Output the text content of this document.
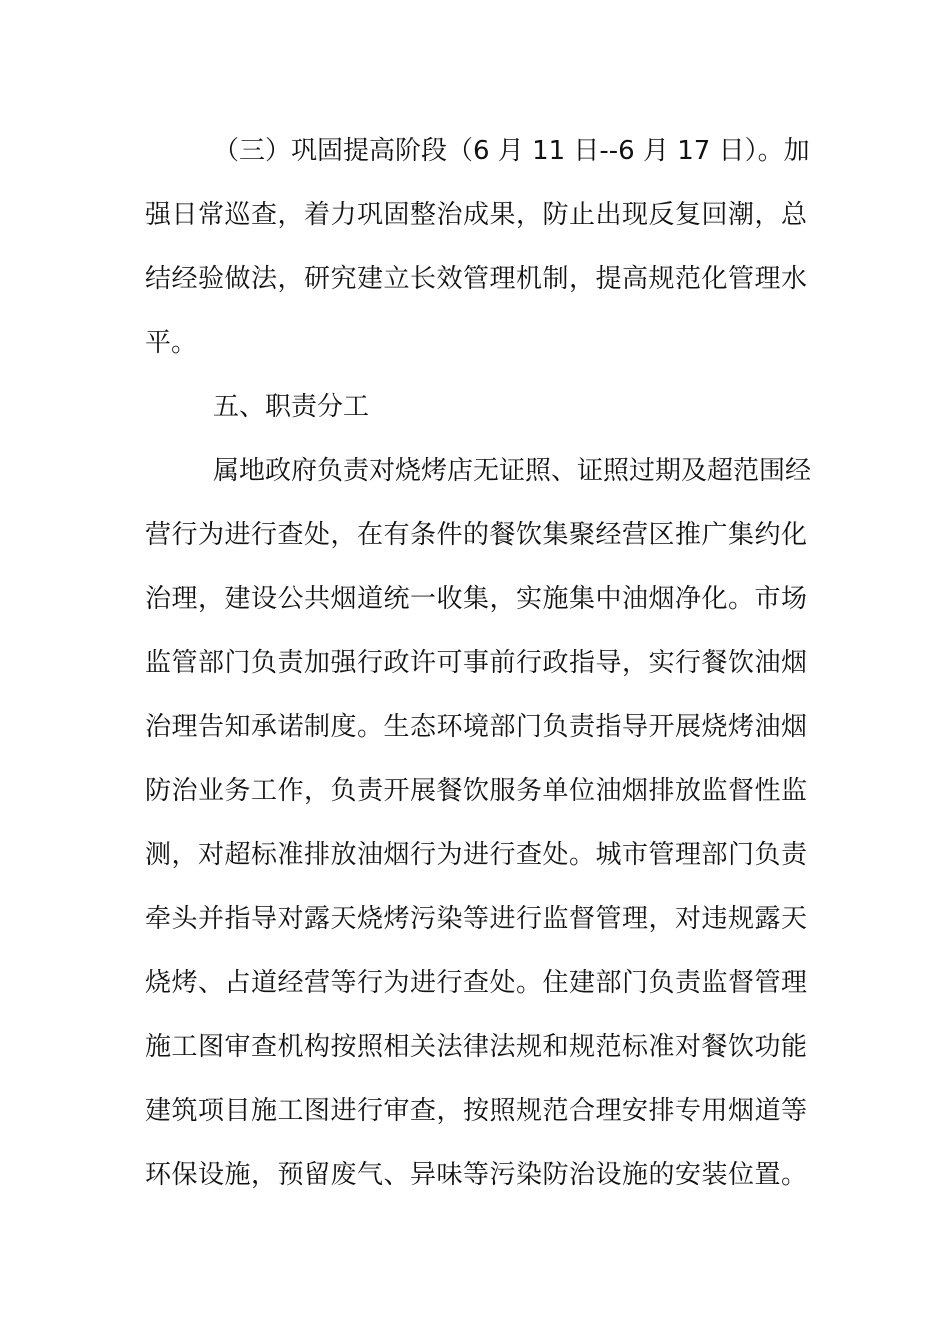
（三）巩固提高阶段（6 月 11 日--6 月 17 日）。加
强日常巡查，着力巩固整治成果，防止出现反复回潮，总
结经验做法，研究建立长效管理机制，提高规范化管理水
平。
五、职责分工
属地政府负责对烧烤店无证照、证照过期及超范围经
营行为进行查处，在有条件的餐饮集聚经营区推广集约化
治理，建设公共烟道统一收集，实施集中油烟净化。市场
监管部门负责加强行政许可事前行政指导，实行餐饮油烟
治理告知承诺制度。生态环境部门负责指导开展烧烤油烟
防治业务工作，负责开展餐饮服务单位油烟排放监督性监
测，对超标准排放油烟行为进行查处。城市管理部门负责
牵头并指导对露天烧烤污染等进行监督管理，对违规露天
烧烤、占道经营等行为进行查处。住建部门负责监督管理
施工图审查机构按照相关法律法规和规范标准对餐饮功能
建筑项目施工图进行审查，按照规范合理安排专用烟道等
环保设施，预留废气、异味等污染防治设施的安装位置。
